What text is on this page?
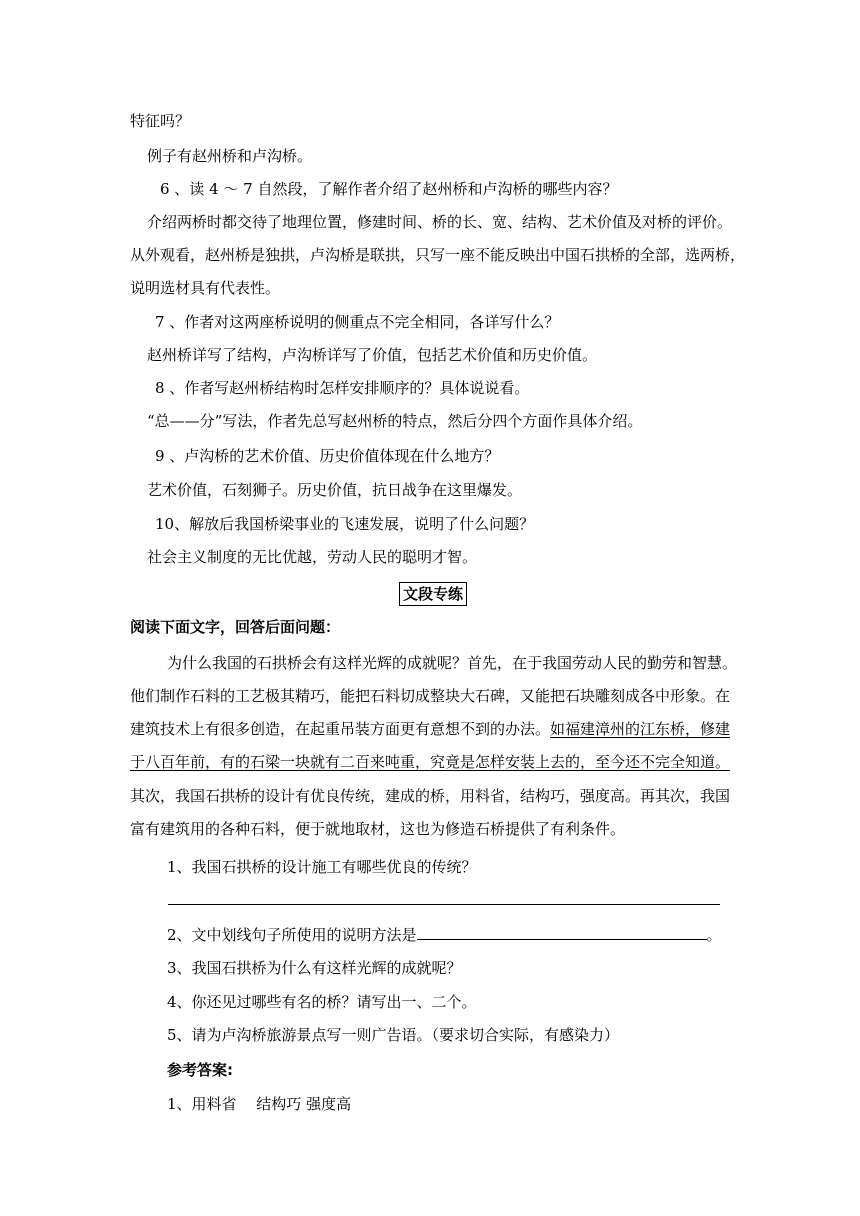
特征吗？
例子有赵州桥和卢沟桥。
6 、读 4 ～ 7 自然段，了解作者介绍了赵州桥和卢沟桥的哪些内容？
介绍两桥时都交待了地理位置，修建时间、桥的长、宽、结构、艺术价值及对桥的评价。
从外观看，赵州桥是独拱，卢沟桥是联拱，只写一座不能反映出中国石拱桥的全部，选两桥，
说明选材具有代表性。
7 、作者对这两座桥说明的侧重点不完全相同，各详写什么？
赵州桥详写了结构，卢沟桥详写了价值，包括艺术价值和历史价值。
8 、作者写赵州桥结构时怎样安排顺序的？具体说说看。
“总——分”写法，作者先总写赵州桥的特点，然后分四个方面作具体介绍。
9 、卢沟桥的艺术价值、历史价值体现在什么地方？
艺术价值，石刻狮子。历史价值，抗日战争在这里爆发。
10、解放后我国桥梁事业的飞速发展，说明了什么问题？
社会主义制度的无比优越，劳动人民的聪明才智。
文段专练
阅读下面文字，回答后面问题：
为什么我国的石拱桥会有这样光辉的成就呢？首先，在于我国劳动人民的勤劳和智慧。
他们制作石料的工艺极其精巧，能把石料切成整块大石碑，又能把石块雕刻成各中形象。在
建筑技术上有很多创造，在起重吊装方面更有意想不到的办法。如福建漳州的江东桥，修建
于八百年前，有的石梁一块就有二百来吨重，究竟是怎样安装上去的，至今还不完全知道。
其次，我国石拱桥的设计有优良传统，建成的桥，用料省，结构巧，强度高。再其次，我国
富有建筑用的各种石料，便于就地取材，这也为修造石桥提供了有利条件。
1、我国石拱桥的设计施工有哪些优良的传统？
2、文中划线句子所使用的说明方法是	。
3、我国石拱桥为什么有这样光辉的成就呢？
4、你还见过哪些有名的桥？请写出一、二个。
5、请为卢沟桥旅游景点写一则广告语。（要求切合实际，有感染力）
参考答案:
1、用料省　 结构巧 强度高
